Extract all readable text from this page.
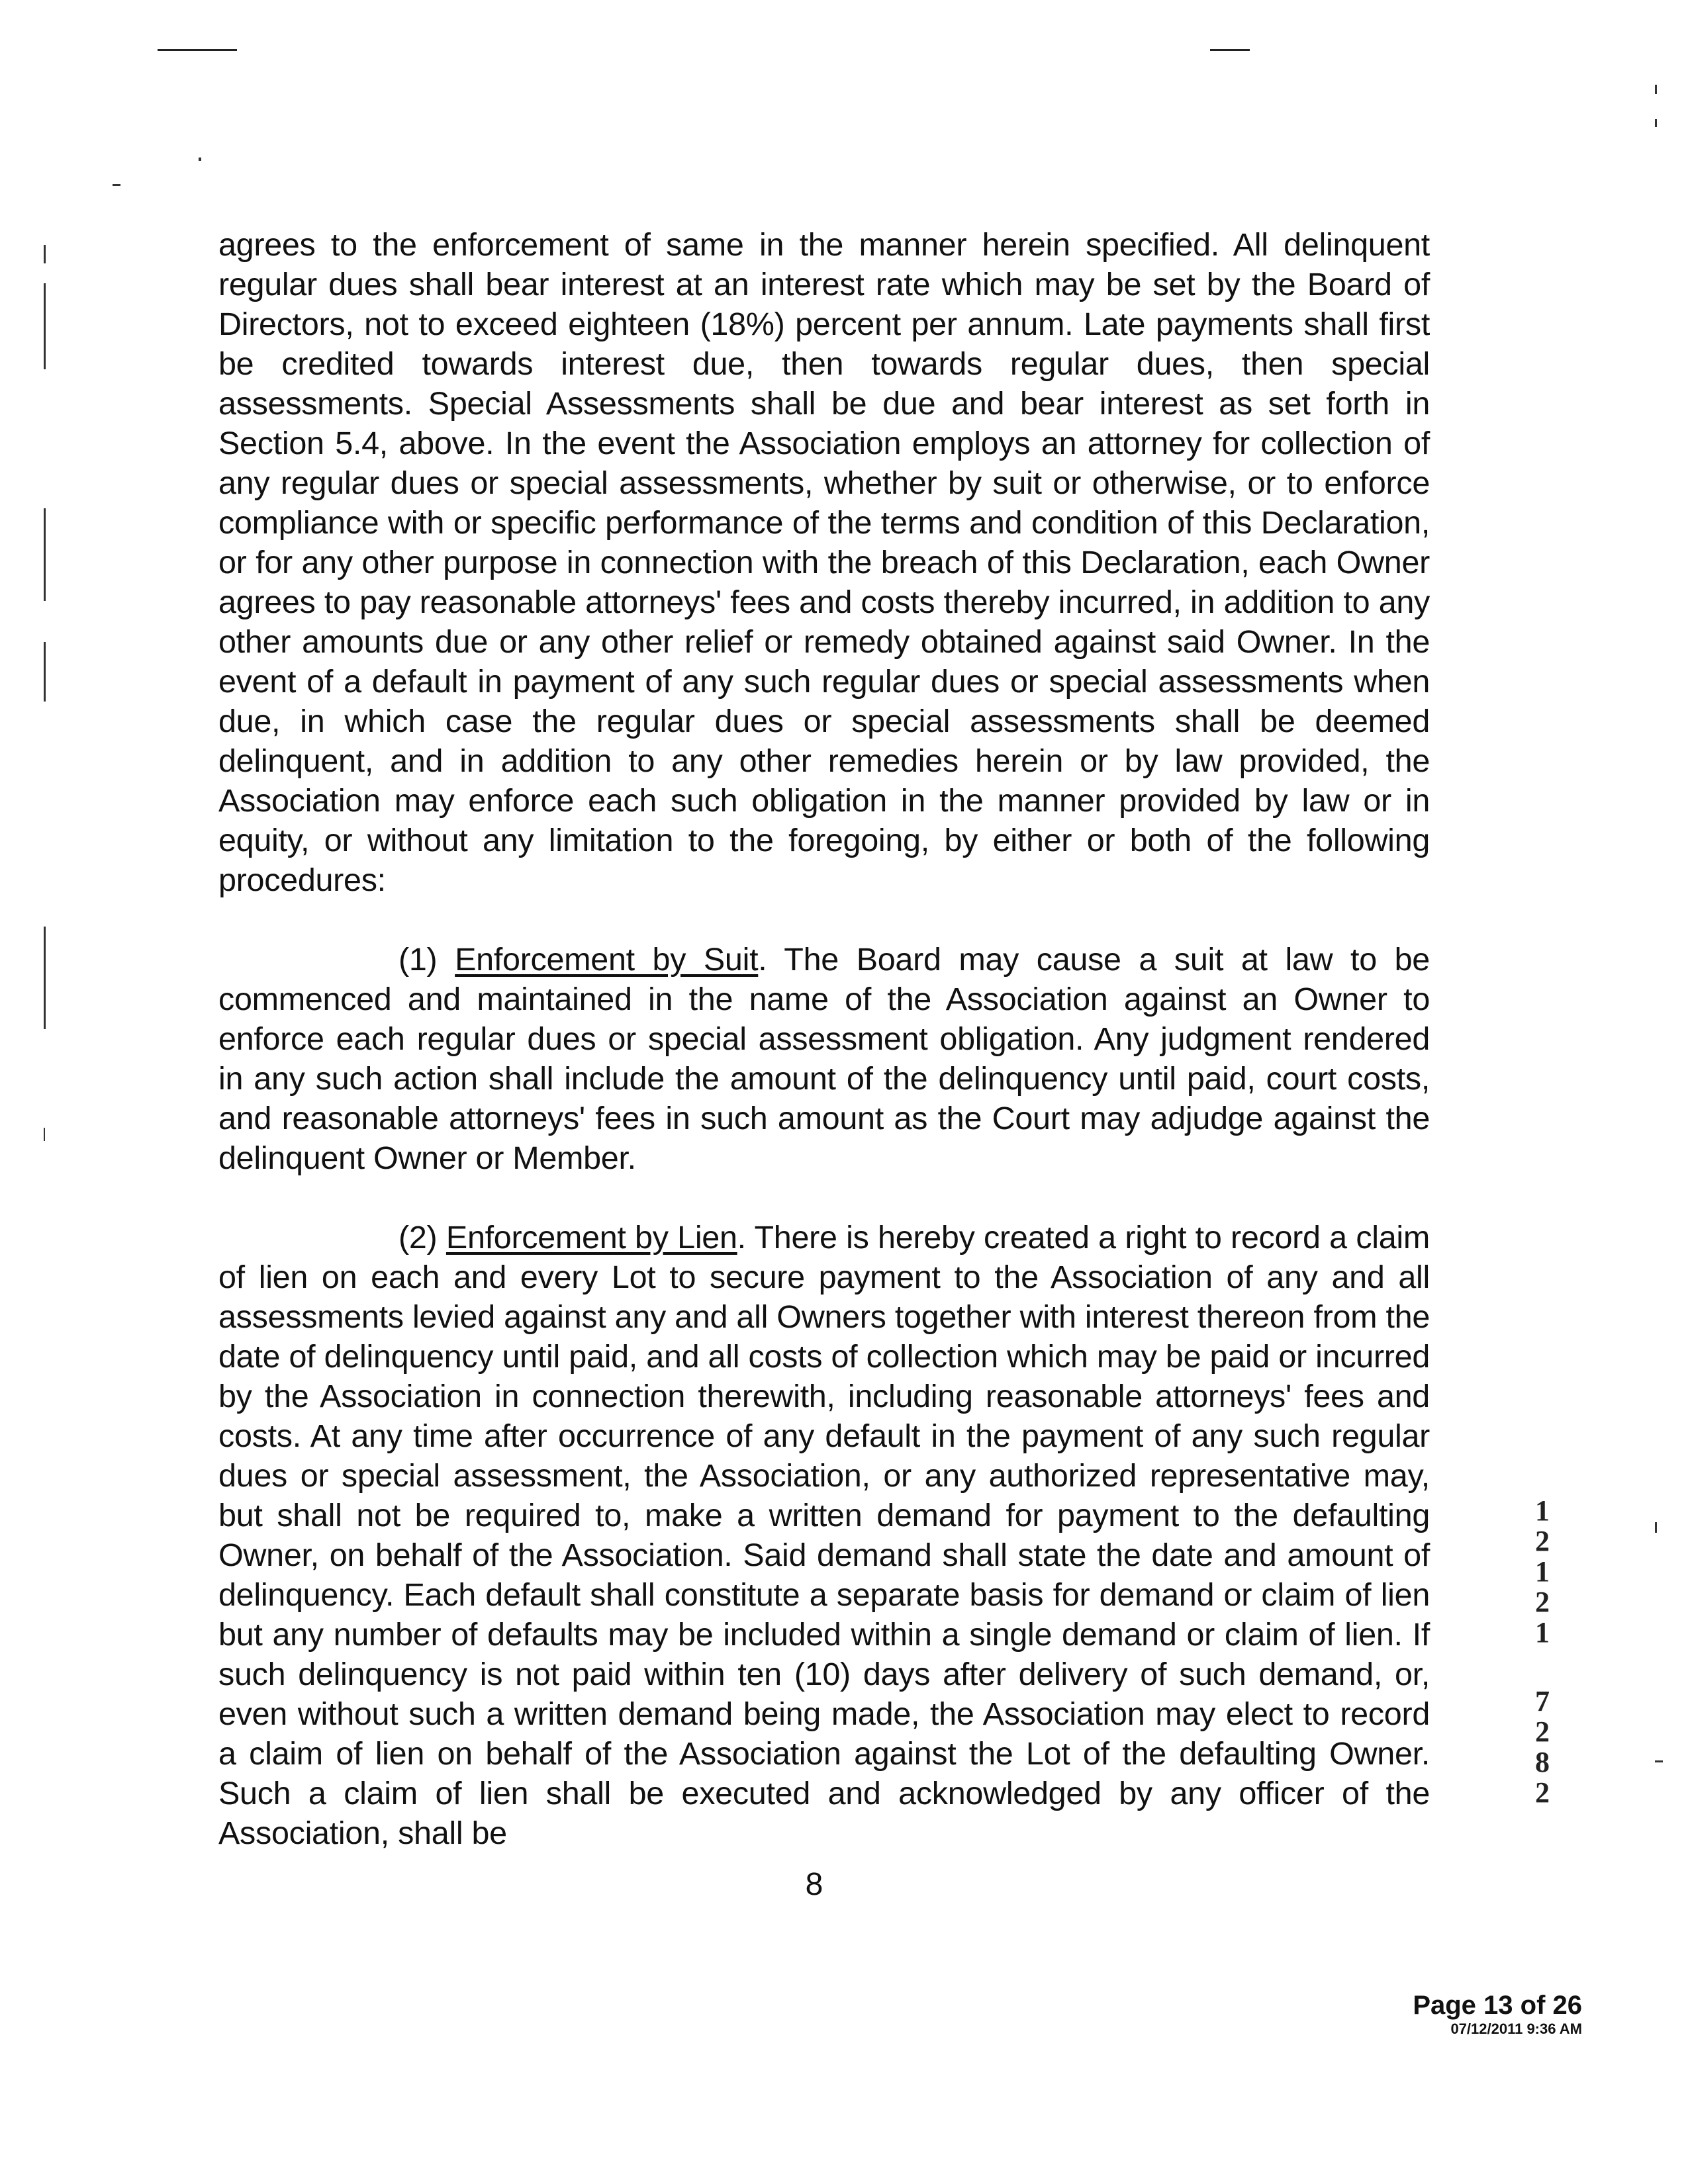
agrees to the enforcement of same in the manner herein specified. All delinquent regular dues shall bear interest at an interest rate which may be set by the Board of Directors, not to exceed eighteen (18%) percent per annum. Late payments shall first be credited towards interest due, then towards regular dues, then special assessments. Special Assessments shall be due and bear interest as set forth in Section 5.4, above. In the event the Association employs an attorney for collection of any regular dues or special assessments, whether by suit or otherwise, or to enforce compliance with or specific performance of the terms and condition of this Declaration, or for any other purpose in connection with the breach of this Declaration, each Owner agrees to pay reasonable attorneys' fees and costs thereby incurred, in addition to any other amounts due or any other relief or remedy obtained against said Owner. In the event of a default in payment of any such regular dues or special assessments when due, in which case the regular dues or special assessments shall be deemed delinquent, and in addition to any other remedies herein or by law provided, the Association may enforce each such obligation in the manner provided by law or in equity, or without any limitation to the foregoing, by either or both of the following procedures:

(1) Enforcement by Suit. The Board may cause a suit at law to be commenced and maintained in the name of the Association against an Owner to enforce each regular dues or special assessment obligation. Any judgment rendered in any such action shall include the amount of the delinquency until paid, court costs, and reasonable attorneys' fees in such amount as the Court may adjudge against the delinquent Owner or Member.

(2) Enforcement by Lien. There is hereby created a right to record a claim of lien on each and every Lot to secure payment to the Association of any and all assessments levied against any and all Owners together with interest thereon from the date of delinquency until paid, and all costs of collection which may be paid or incurred by the Association in connection therewith, including reasonable attorneys' fees and costs. At any time after occurrence of any default in the payment of any such regular dues or special assessment, the Association, or any authorized representative may, but shall not be required to, make a written demand for payment to the defaulting Owner, on behalf of the Association. Said demand shall state the date and amount of delinquency. Each default shall constitute a separate basis for demand or claim of lien but any number of defaults may be included within a single demand or claim of lien. If such delinquency is not paid within ten (10) days after delivery of such demand, or, even without such a written demand being made, the Association may elect to record a claim of lien on behalf of the Association against the Lot of the defaulting Owner. Such a claim of lien shall be executed and acknowledged by any officer of the Association, shall be

8
1
2
1
2
1
7
2
8
2
Page 13 of 26
07/12/2011 9:36 AM
